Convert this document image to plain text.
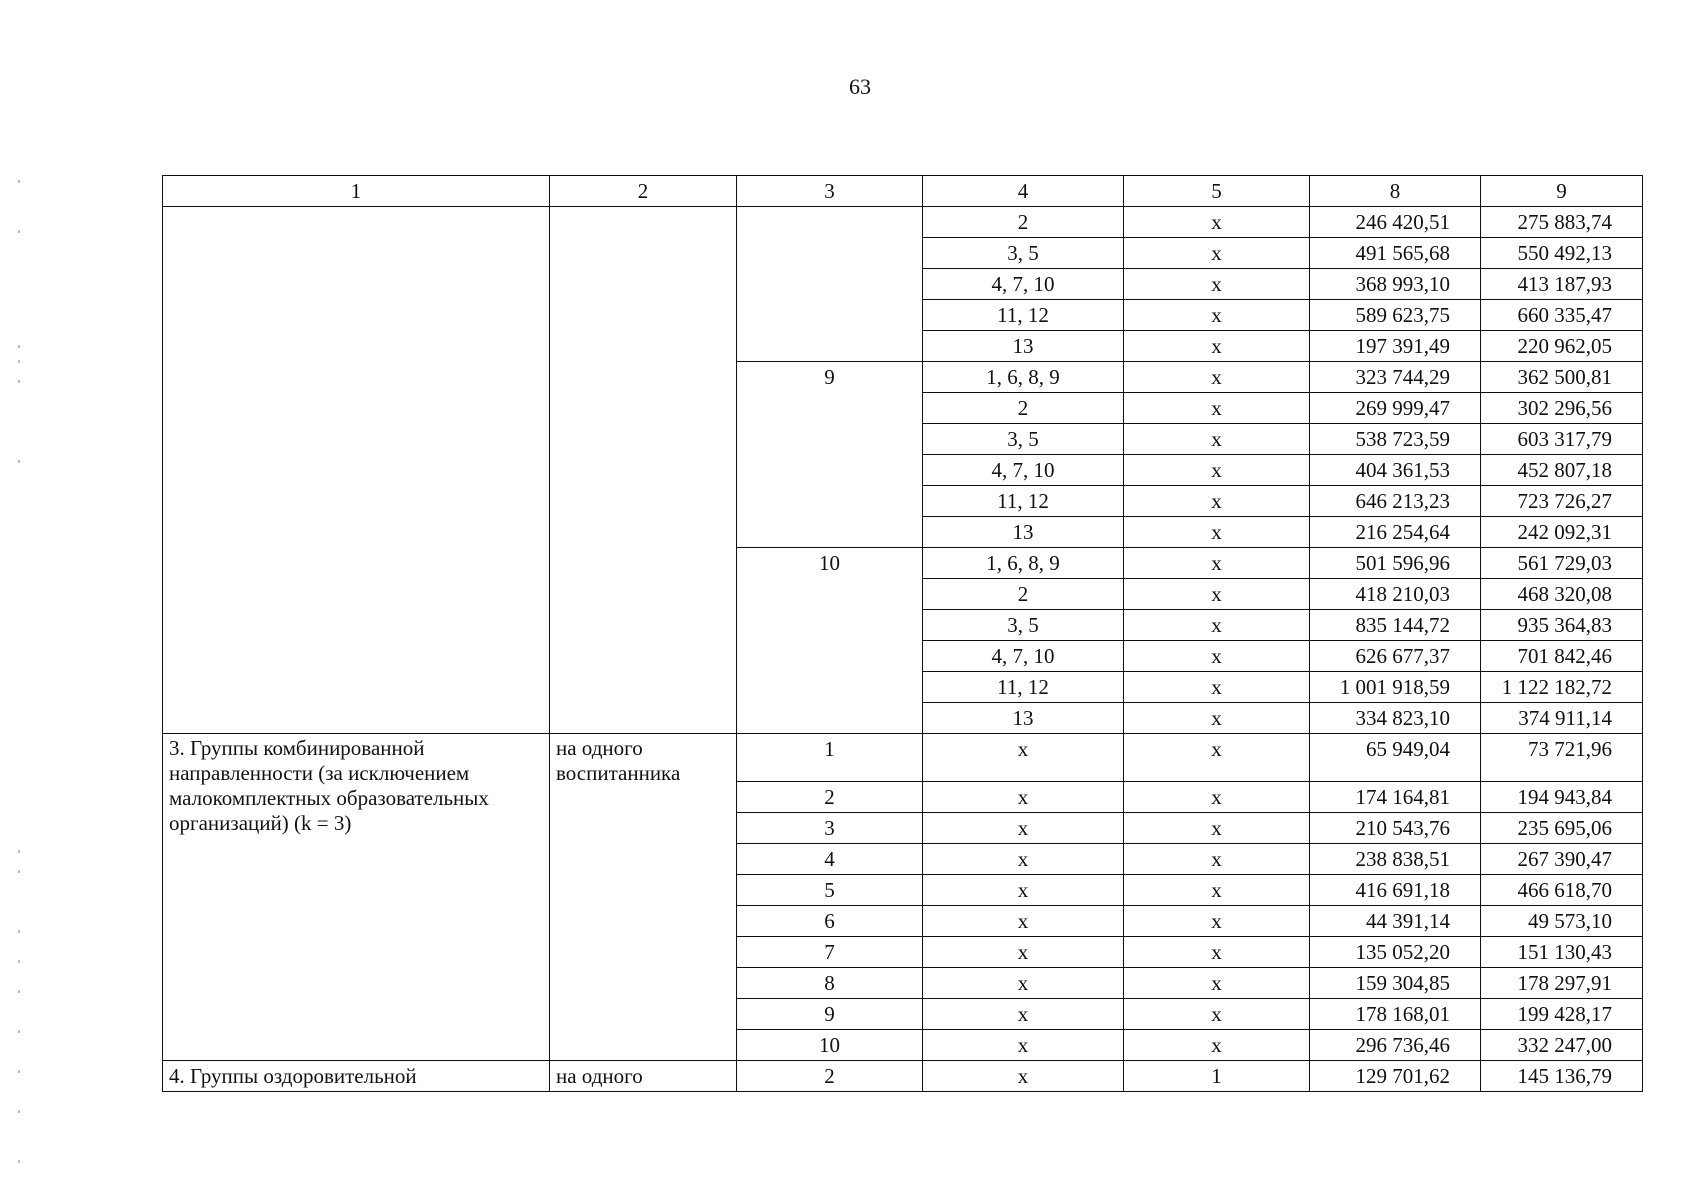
63
1	2	3	4	5	8	9
			2	x	246 420,51	275 883,74
			3, 5	x	491 565,68	550 492,13
			4, 7, 10	x	368 993,10	413 187,93
			11, 12	x	589 623,75	660 335,47
			13	x	197 391,49	220 962,05
		9	1, 6, 8, 9	x	323 744,29	362 500,81
			2	x	269 999,47	302 296,56
			3, 5	x	538 723,59	603 317,79
			4, 7, 10	x	404 361,53	452 807,18
			11, 12	x	646 213,23	723 726,27
			13	x	216 254,64	242 092,31
		10	1, 6, 8, 9	x	501 596,96	561 729,03
			2	x	418 210,03	468 320,08
			3, 5	x	835 144,72	935 364,83
			4, 7, 10	x	626 677,37	701 842,46
			11, 12	x	1 001 918,59	1 122 182,72
			13	x	334 823,10	374 911,14
3. Группы комбинированной направленности (за исключением малокомплектных образовательных организаций) (k = 3)	на одного воспитанника	1	x	x	65 949,04	73 721,96
		2	x	x	174 164,81	194 943,84
		3	x	x	210 543,76	235 695,06
		4	x	x	238 838,51	267 390,47
		5	x	x	416 691,18	466 618,70
		6	x	x	44 391,14	49 573,10
		7	x	x	135 052,20	151 130,43
		8	x	x	159 304,85	178 297,91
		9	x	x	178 168,01	199 428,17
		10	x	x	296 736,46	332 247,00
4. Группы оздоровительной	на одного	2	x	1	129 701,62	145 136,79
